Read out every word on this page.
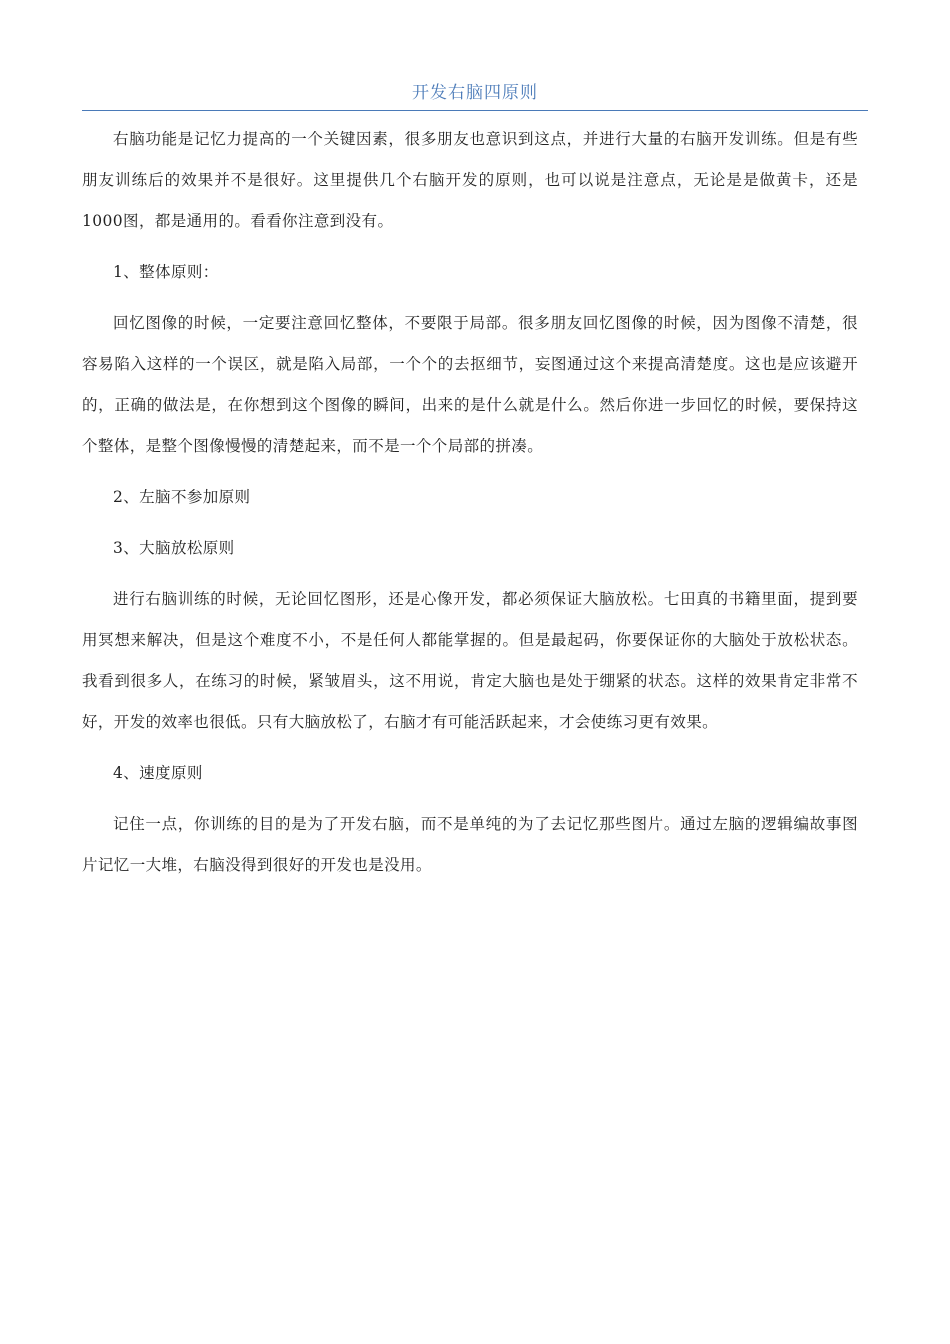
开发右脑四原则

右脑功能是记忆力提高的一个关键因素，很多朋友也意识到这点，并进行大量的右脑开发训练。但是有些朋友训练后的效果并不是很好。这里提供几个右脑开发的原则，也可以说是注意点，无论是是做黄卡，还是1000图，都是通用的。看看你注意到没有。

1、整体原则：

回忆图像的时候，一定要注意回忆整体，不要限于局部。很多朋友回忆图像的时候，因为图像不清楚，很容易陷入这样的一个误区，就是陷入局部，一个个的去抠细节，妄图通过这个来提高清楚度。这也是应该避开的，正确的做法是，在你想到这个图像的瞬间，出来的是什么就是什么。然后你进一步回忆的时候，要保持这个整体，是整个图像慢慢的清楚起来，而不是一个个局部的拼凑。

2、左脑不参加原则

3、大脑放松原则

进行右脑训练的时候，无论回忆图形，还是心像开发，都必须保证大脑放松。七田真的书籍里面，提到要用冥想来解决，但是这个难度不小，不是任何人都能掌握的。但是最起码，你要保证你的大脑处于放松状态。我看到很多人，在练习的时候，紧皱眉头，这不用说，肯定大脑也是处于绷紧的状态。这样的效果肯定非常不好，开发的效率也很低。只有大脑放松了，右脑才有可能活跃起来，才会使练习更有效果。

4、速度原则

记住一点，你训练的目的是为了开发右脑，而不是单纯的为了去记忆那些图片。通过左脑的逻辑编故事图片记忆一大堆，右脑没得到很好的开发也是没用。
